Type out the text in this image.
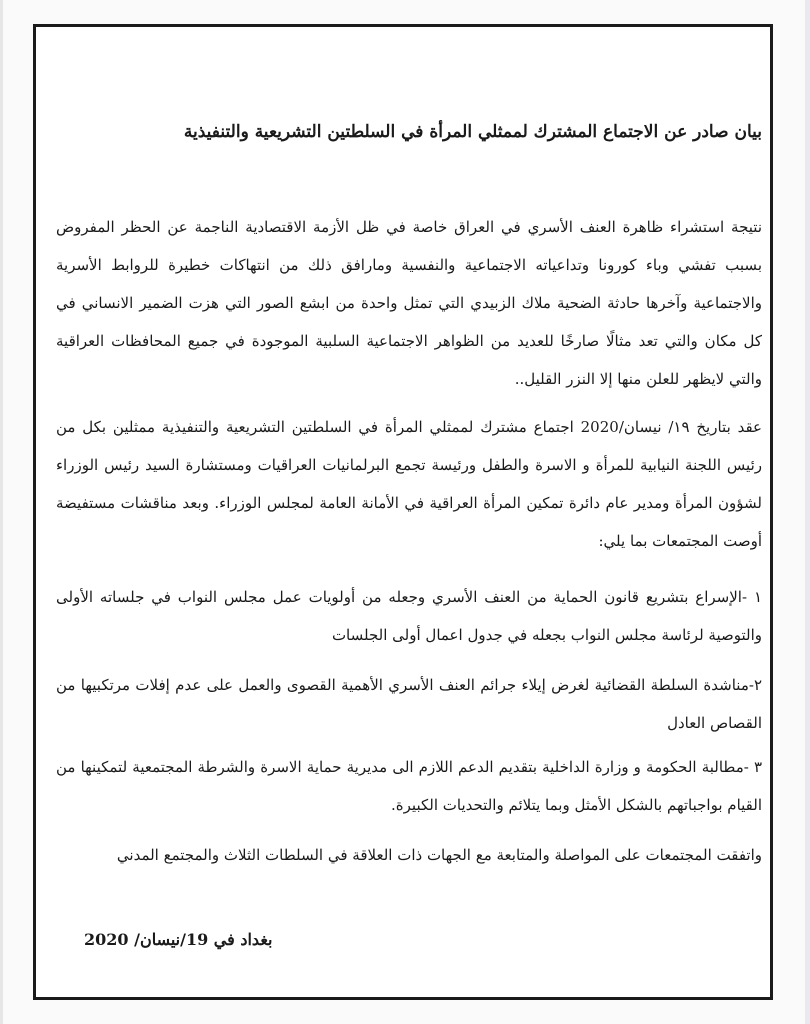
بيان صادر عن الاجتماع المشترك لممثلي المرأة في السلطتين التشريعية والتنفيذية
نتيجة استشراء ظاهرة العنف الأسري في العراق خاصة في ظل الأزمة الاقتصادية الناجمة عن الحظر المفروض بسبب تفشي وباء كورونا وتداعياته الاجتماعية والنفسية ومارافق ذلك من انتهاكات خطيرة للروابط الأسرية والاجتماعية وآخرها حادثة الضحية ملاك الزبيدي التي تمثل واحدة من ابشع الصور التي هزت الضمير الانساني في كل مكان والتي تعد مثالًا صارخًا للعديد من الظواهر الاجتماعية السلبية الموجودة في جميع المحافظات العراقية والتي لايظهر للعلن منها إلا النزر القليل..
عقد بتاريخ ١٩/ نيسان/2020 اجتماع مشترك لممثلي المرأة في السلطتين التشريعية والتنفيذية ممثلين بكل من رئيس اللجنة النيابية للمرأة و الاسرة والطفل ورئيسة تجمع البرلمانيات العراقيات ومستشارة السيد رئيس الوزراء لشؤون المرأة ومدير عام دائرة تمكين المرأة العراقية في الأمانة العامة لمجلس الوزراء. وبعد مناقشات مستفيضة أوصت المجتمعات بما يلي:
١ -الإسراع بتشريع قانون الحماية من العنف الأسري وجعله من أولويات عمل مجلس النواب في جلساته الأولى والتوصية لرئاسة مجلس النواب بجعله في جدول اعمال أولى الجلسات
٢-مناشدة السلطة القضائية لغرض إيلاء جرائم العنف الأسري الأهمية القصوى والعمل على عدم إفلات مرتكبيها من القصاص العادل
٣ -مطالبة الحكومة و وزارة الداخلية بتقديم الدعم اللازم الى مديرية حماية الاسرة والشرطة المجتمعية لتمكينها من القيام بواجباتهم بالشكل الأمثل وبما يتلائم والتحديات الكبيرة.
واتفقت المجتمعات على المواصلة والمتابعة مع الجهات ذات العلاقة في السلطات الثلاث والمجتمع المدني
بغداد في 19/نيسان/ 2020
